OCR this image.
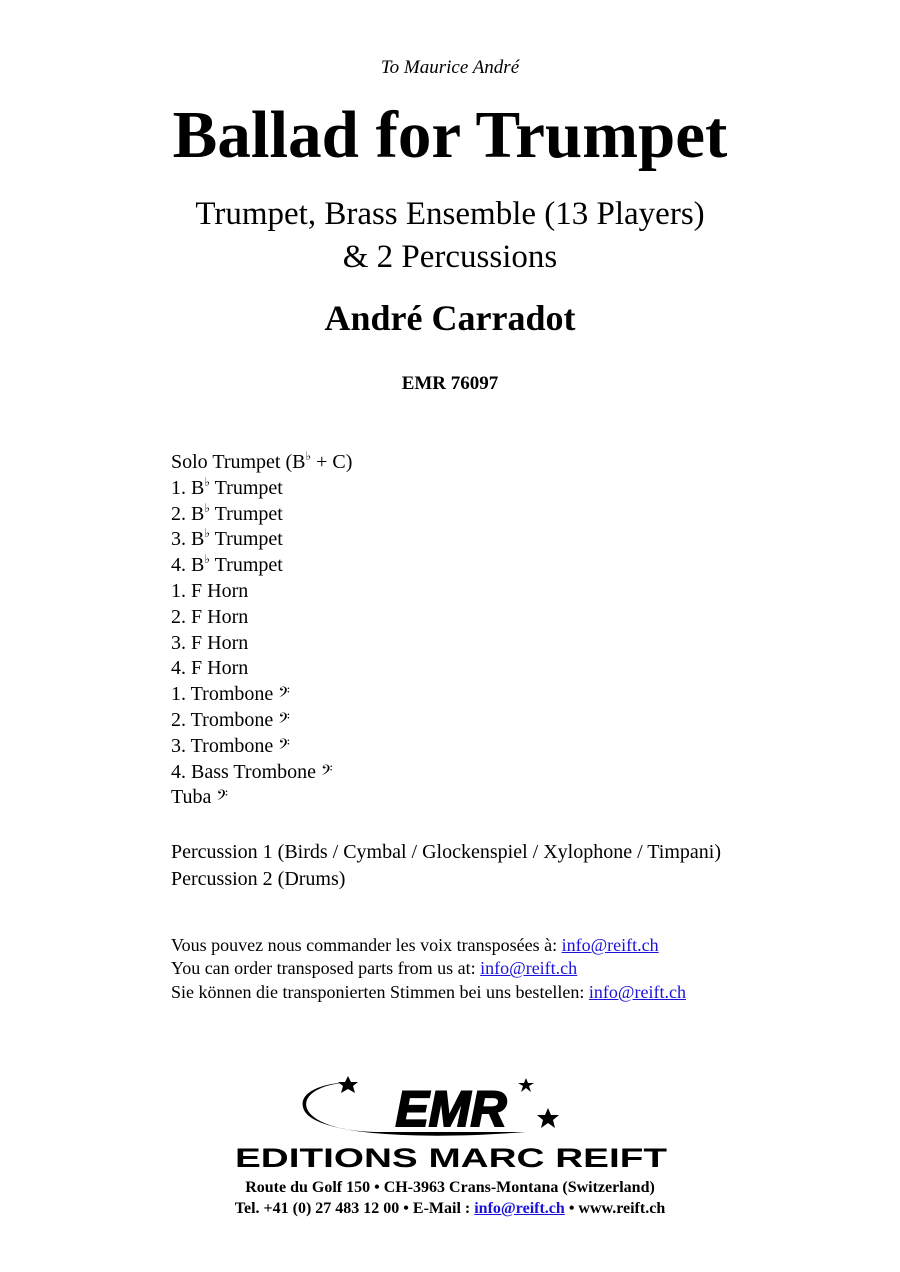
To Maurice André
Ballad for Trumpet
Trumpet, Brass Ensemble (13 Players)
& 2 Percussions
André Carradot
EMR 76097
Solo Trumpet (B♭ + C)
1. B♭ Trumpet
2. B♭ Trumpet
3. B♭ Trumpet
4. B♭ Trumpet
1. F Horn
2. F Horn
3. F Horn
4. F Horn
1. Trombone 𝄢
2. Trombone 𝄢
3. Trombone 𝄢
4. Bass Trombone 𝄢
Tuba 𝄢
Percussion 1 (Birds / Cymbal / Glockenspiel / Xylophone / Timpani)
Percussion 2 (Drums)
Vous pouvez nous commander les voix transposées à: info@reift.ch
You can order transposed parts from us at: info@reift.ch
Sie können die transponierten Stimmen bei uns bestellen: info@reift.ch
EMR
EDITIONS MARC REIFT
Route du Golf 150 • CH-3963 Crans-Montana (Switzerland)
Tel. +41 (0) 27 483 12 00 • E-Mail : info@reift.ch • www.reift.ch
